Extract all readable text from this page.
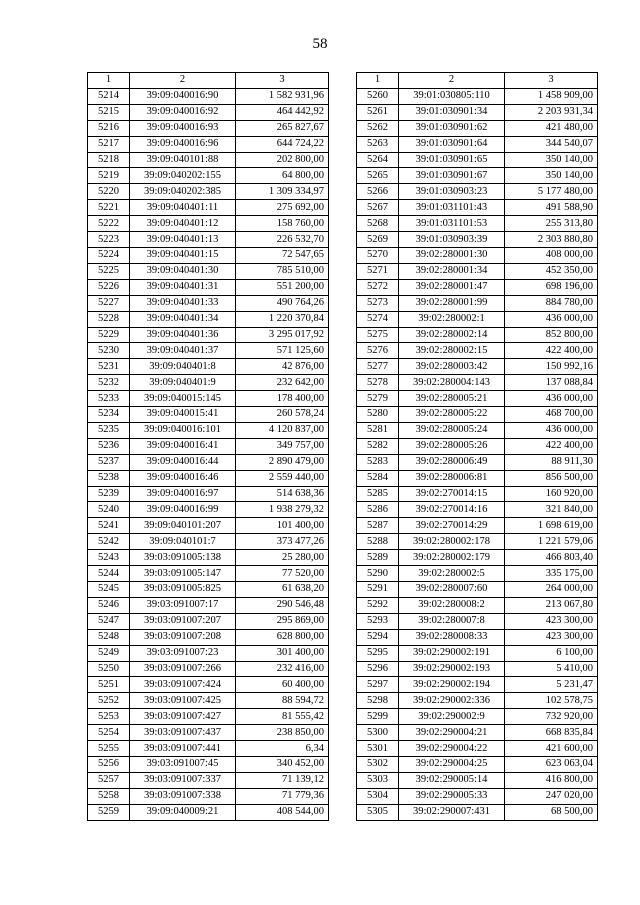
58
1	2	3
5214	39:09:040016:90	1 582 931,96
5215	39:09:040016:92	464 442,92
5216	39:09:040016:93	265 827,67
5217	39:09:040016:96	644 724,22
5218	39:09:040101:88	202 800,00
5219	39:09:040202:155	64 800,00
5220	39:09:040202:385	1 309 334,97
5221	39:09:040401:11	275 692,00
5222	39:09:040401:12	158 760,00
5223	39:09:040401:13	226 532,70
5224	39:09:040401:15	72 547,65
5225	39:09:040401:30	785 510,00
5226	39:09:040401:31	551 200,00
5227	39:09:040401:33	490 764,26
5228	39:09:040401:34	1 220 370,84
5229	39:09:040401:36	3 295 017,92
5230	39:09:040401:37	571 125,60
5231	39:09:040401:8	42 876,00
5232	39:09:040401:9	232 642,00
5233	39:09:040015:145	178 400,00
5234	39:09:040015:41	260 578,24
5235	39:09:040016:101	4 120 837,00
5236	39:09:040016:41	349 757,00
5237	39:09:040016:44	2 890 479,00
5238	39:09:040016:46	2 559 440,00
5239	39:09:040016:97	514 638,36
5240	39:09:040016:99	1 938 279,32
5241	39:09:040101:207	101 400,00
5242	39:09:040101:7	373 477,26
5243	39:03:091005:138	25 280,00
5244	39:03:091005:147	77 520,00
5245	39:03:091005:825	61 638,20
5246	39:03:091007:17	290 546,48
5247	39:03:091007:207	295 869,00
5248	39:03:091007:208	628 800,00
5249	39:03:091007:23	301 400,00
5250	39:03:091007:266	232 416,00
5251	39:03:091007:424	60 400,00
5252	39:03:091007:425	88 594,72
5253	39:03:091007:427	81 555,42
5254	39:03:091007:437	238 850,00
5255	39:03:091007:441	6,34
5256	39:03:091007:45	340 452,00
5257	39:03:091007:337	71 139,12
5258	39:03:091007:338	71 779,36
5259	39:09:040009:21	408 544,00
1	2	3
5260	39:01:030805:110	1 458 909,00
5261	39:01:030901:34	2 203 931,34
5262	39:01:030901:62	421 480,00
5263	39:01:030901:64	344 540,07
5264	39:01:030901:65	350 140,00
5265	39:01:030901:67	350 140,00
5266	39:01:030903:23	5 177 480,00
5267	39:01:031101:43	491 588,90
5268	39:01:031101:53	255 313,80
5269	39:01:030903:39	2 303 880,80
5270	39:02:280001:30	408 000,00
5271	39:02:280001:34	452 350,00
5272	39:02:280001:47	698 196,00
5273	39:02:280001:99	884 780,00
5274	39:02:280002:1	436 000,00
5275	39:02:280002:14	852 800,00
5276	39:02:280002:15	422 400,00
5277	39:02:280003:42	150 992,16
5278	39:02:280004:143	137 088,84
5279	39:02:280005:21	436 000,00
5280	39:02:280005:22	468 700,00
5281	39:02:280005:24	436 000,00
5282	39:02:280005:26	422 400,00
5283	39:02:280006:49	88 911,30
5284	39:02:280006:81	856 500,00
5285	39:02:270014:15	160 920,00
5286	39:02:270014:16	321 840,00
5287	39:02:270014:29	1 698 619,00
5288	39:02:280002:178	1 221 579,06
5289	39:02:280002:179	466 803,40
5290	39:02:280002:5	335 175,00
5291	39:02:280007:60	264 000,00
5292	39:02:280008:2	213 067,80
5293	39:02:280007:8	423 300,00
5294	39:02:280008:33	423 300,00
5295	39:02:290002:191	6 100,00
5296	39:02:290002:193	5 410,00
5297	39:02:290002:194	5 231,47
5298	39:02:290002:336	102 578,75
5299	39:02:290002:9	732 920,00
5300	39:02:290004:21	668 835,84
5301	39:02:290004:22	421 600,00
5302	39:02:290004:25	623 063,04
5303	39:02:290005:14	416 800,00
5304	39:02:290005:33	247 020,00
5305	39:02:290007:431	68 500,00
